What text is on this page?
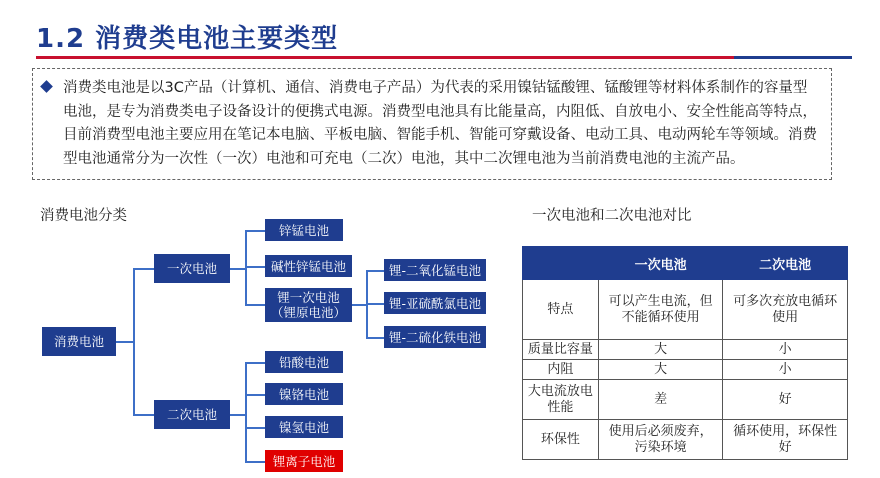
1.2 消费类电池主要类型
消费类电池是以3C产品（计算机、通信、消费电子产品）为代表的采用镍钴锰酸锂、锰酸锂等材料体系制作的容量型电池，是专为消费类电子设备设计的便携式电源。消费型电池具有比能量高，内阻低、自放电小、安全性能高等特点，目前消费型电池主要应用在笔记本电脑、平板电脑、智能手机、智能可穿戴设备、电动工具、电动两轮车等领域。消费型电池通常分为一次性（一次）电池和可充电（二次）电池，其中二次锂电池为当前消费电池的主流产品。
消费电池分类
消费电池
一次电池
二次电池
锌锰电池
碱性锌锰电池
锂一次电池
（锂原电池）
锂-二氧化锰电池
锂-亚硫酰氯电池
锂-二硫化铁电池
铅酸电池
镍铬电池
镍氢电池
锂离子电池
一次电池和二次电池对比
	一次电池	二次电池
特点	可以产生电流，但不能循环使用	可多次充放电循环使用
质量比容量	大	小
内阻	大	小
大电流放电性能	差	好
环保性	使用后必须废弃，污染环境	循环使用，环保性好
